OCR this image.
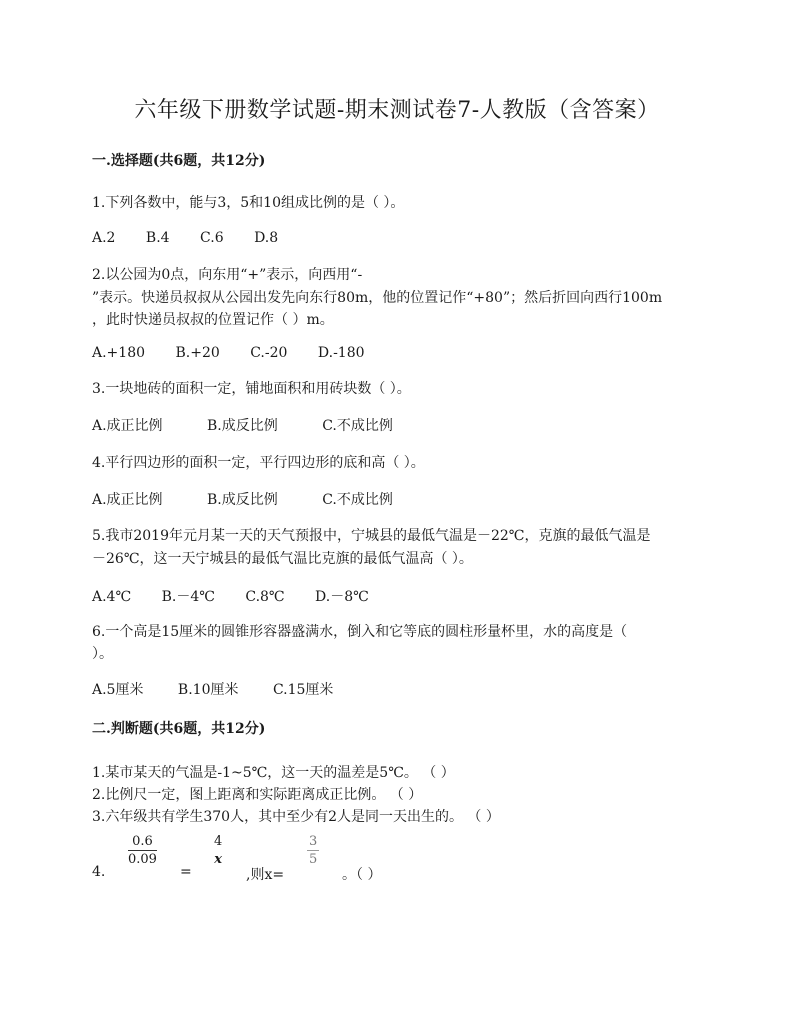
六年级下册数学试题-期末测试卷7-人教版（含答案）
一.选择题(共6题，共12分)
1.下列各数中，能与3，5和10组成比例的是（ ）。
A.2 B.4 C.6 D.8
2.以公园为0点，向东用“+”表示，向西用“-
”表示。快递员叔叔从公园出发先向东行80m，他的位置记作“+80”；然后折回向西行100m
，此时快递员叔叔的位置记作（ ）m。
A.+180 B.+20 C.-20 D.-180
3.一块地砖的面积一定，铺地面积和用砖块数（ ）。
A.成正比例	B.成反比例	C.不成比例
4.平行四边形的面积一定，平行四边形的底和高（ ）。
A.成正比例	B.成反比例	C.不成比例
5.我市2019年元月某一天的天气预报中，宁城县的最低气温是－22℃，克旗的最低气温是
－26℃，这一天宁城县的最低气温比克旗的最低气温高（ ）。
A.4℃ B.－4℃ C.8℃ D.－8℃
6.一个高是15厘米的圆锥形容器盛满水，倒入和它等底的圆柱形量杯里，水的高度是（
）。
A.5厘米 B.10厘米 C.15厘米
二.判断题(共6题，共12分)
1.某市某天的气温是-1~5℃，这一天的温差是5℃。 （ ）
2.比例尺一定，图上距离和实际距离成正比例。 （ ）
3.六年级共有学生370人，其中至少有2人是同一天出生的。 （ ）
4.
0.6
0.09
=
4
x
,则x=
3
5
。（ ）
